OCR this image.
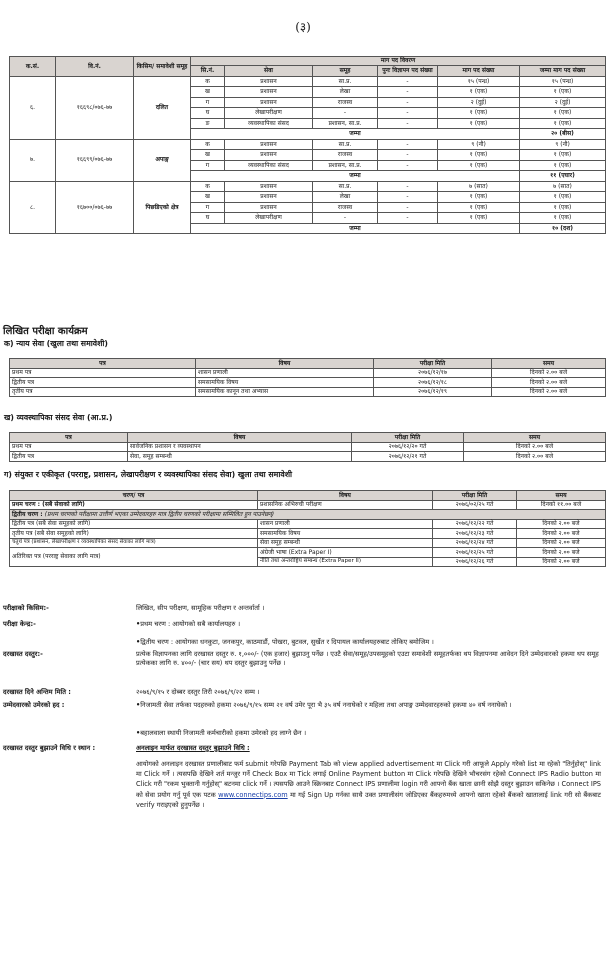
(३)
क.सं.	वि.नं.	किसिम/ समावेशी समूह	माग पद विवरण					
			सि.नं.	सेवा	समूह	पुनः विज्ञापन पद संख्या	माग पद संख्या	जम्मा माग पद संख्या
६.	१६६९८/०७६-७७	दलित	क	प्रशासन	सा.प्र.	-	१५ (पन्ध्र)	१५ (पन्ध्र)
			ख	प्रशासन	लेखा	-	१ (एक)	१ (एक)
			ग	प्रशासन	राजस्व	-	२ (दुई)	२ (दुई)
			घ	लेखापरीक्षण	-	-	१ (एक)	१ (एक)
			ङ	व्यवस्थापिका संसद	प्रशासन, सा.प्र.	-	१ (एक)	१ (एक)
			जम्मा					२० (बीस)
७.	१६६९९/०७६-७७	अपाङ्ग	क	प्रशासन	सा.प्र.	-	९ (नौ)	९ (नौ)
			ख	प्रशासन	राजस्व	-	१ (एक)	१ (एक)
			ग	व्यवस्थापिका संसद	प्रशासन, सा.प्र.	-	१ (एक)	१ (एक)
			जम्मा					११ (एघार)
८.	१६७००/०७६-७७	पिछडिएको क्षेत्र	क	प्रशासन	सा.प्र.	-	७ (सात)	७ (सात)
			ख	प्रशासन	लेखा	-	१ (एक)	१ (एक)
			ग	प्रशासन	राजस्व	-	१ (एक)	१ (एक)
			घ	लेखापरीक्षण	-	-	१ (एक)	१ (एक)
			जम्मा					१० (दश)
लिखित परीक्षा कार्यक्रम
क) न्याय सेवा (खुला तथा समावेशी)
पत्र	विषय	परीक्षा मिति	समय
प्रथम पत्र	शासन प्रणाली	२०७६/१२/१७	दिनको २.०० बजे
द्वितीय पत्र	समसामयिक विषय	२०७६/१२/१८	दिनको २.०० बजे
तृतीय पत्र	समसामयिक कानून तथा अभ्यास	२०७६/१२/१९	दिनको २.०० बजे
ख) व्यवस्थापिका संसद सेवा (आ.प्र.)
पत्र	विषय	परीक्षा मिति	समय
प्रथम पत्र	सार्वजनिक प्रशासन र व्यवस्थापन	२०७६/१२/२० गते	दिनको २.०० बजे
द्वितीय पत्र	सेवा, समूह सम्बन्धी	२०७६/१२/२१ गते	दिनको २.०० बजे
ग) संयुक्त र एकीकृत (परराष्ट्र, प्रशासन, लेखापरीक्षण र व्यवस्थापिका संसद सेवा) खुला तथा समावेशी
चरण/ पत्र	विषय	परीक्षा मिति	समय
प्रथम चरण : (सबै सेवाको लागि)	प्रशासनिक अभिरुची परीक्षण	२०७६/०२/२५ गते	दिनको ११.०० बजे
द्वितीय चरण : (प्रथम चरणको परीक्षामा उत्तीर्ण भएका उम्मेदवारहरु मात्र द्वितीय चरणको परीक्षामा सम्मिलित हुन पाउनेछन्)			
द्वितीय पत्र (सबै सेवा समूहको लागि)	शासन प्रणाली	२०७६/१२/२२ गते	दिनको २.०० बजे
तृतीय पत्र (सबै सेवा समूहको लागि)	समसामयिक विषय	२०७६/१२/२३ गते	दिनको २.०० बजे
चतुर्थ पत्र (प्रशासन, लेखापरीक्षण र व्यवस्थापिका संसद सेवाका लागि मात्र)	सेवा समूह सम्बन्धी	२०७६/१२/२४ गते	दिनको २.०० बजे
अतिरिक्त पत्र (परराष्ट्र सेवाका लागि मात्र)	अंग्रेजी भाषा (Extra Paper I)	२०७६/१२/२५ गते	दिनको २.०० बजे
	नीति तथा अन्तर्राष्ट्रिय सम्बन्ध (Extra Paper II)	२०७६/१२/२६ गते	दिनको २.०० बजे
परीक्षाको किसिम:-	लिखित, सीप परीक्षण, सामूहिक परीक्षण र अन्तर्वार्ता ।
परीक्षा केन्द्र:-	• प्रथम चरण : आयोगको सबै कार्यालयहरु ।
• द्वितीय चरण : आयोगका धनकुटा, जनकपुर, काठमाडौं, पोखरा, बुटवल, सुर्खेत र दिपायल कार्यालयहरुबाट तोकिए बमोजिम ।
दरखास्त दस्तुर:-	प्रत्येक विज्ञापनका लागि दरखास्त दस्तुर रु. १,०००/- (एक हजार) बुझाउनु पर्नेछ । एउटै सेवा/समूह/उपसमूहको एउटा समावेशी समूहतर्फका थप विज्ञापनमा आवेदन दिने उम्मेदवारको हकमा थप समूह प्रत्येकका लागि रु. ४००/- (चार सय) थप दस्तुर बुझाउनु पर्नेछ ।
दरखास्त दिने अन्तिम मिति :	२०७६/९/१५ र दोब्बर दस्तुर तिरी २०७६/९/२२ सम्म ।
उम्मेदवारको उमेरको हद :	• निजामती सेवा तर्फका पदहरुको हकमा २०७६/९/१५ सम्म २१ वर्ष उमेर पूरा भै ३५ वर्ष ननाघेको र महिला तथा अपाङ्ग उम्मेदवारहरुको हकमा ४० वर्ष ननाघेको ।
• बहालवाला स्थायी निजामती कर्मचारीको हकमा उमेरको हद लाग्ने छैन ।
दरखास्त दस्तुर बुझाउने विधि र स्थान :	अनलाइन मार्फत दरखास्त दस्तुर बुझाउने विधि :
आयोगको अनलाइन दरखास्त प्रणालीबाट फर्म submit गरेपछि Payment Tab को view applied advertisement मा Click गरी आफूले Apply गरेको list मा रहेको "तिर्नुहोस्" link मा Click गर्ने । त्यसपछि देखिने शर्त मन्जुर गर्ने Check Box मा Tick लगाई Online Payment button मा Click गरेपछि देखिने भौचरसंग रहेको Connect IPS Radio button मा Click गरी "रकम भुक्तानी गर्नुहोस्" बटनमा click गर्ने । त्यसपछि आउने स्क्रिनबाट Connect IPS प्रणालीमा login गरी आफ्नो बैंक खाता छानी सोझै दस्तुर बुझाउन सकिनेछ । Connect IPS को सेवा प्रयोग गर्नु पूर्व एक पटक www.connectips.com मा गई Sign Up गर्नका साथै उक्त प्रणालीसंग जोडिएका बैंकहरुमध्ये आफ्नो खाता रहेको बैंकको खातालाई link गरी सो बैंकबाट verify गराइएको हुनुपर्नेछ ।
